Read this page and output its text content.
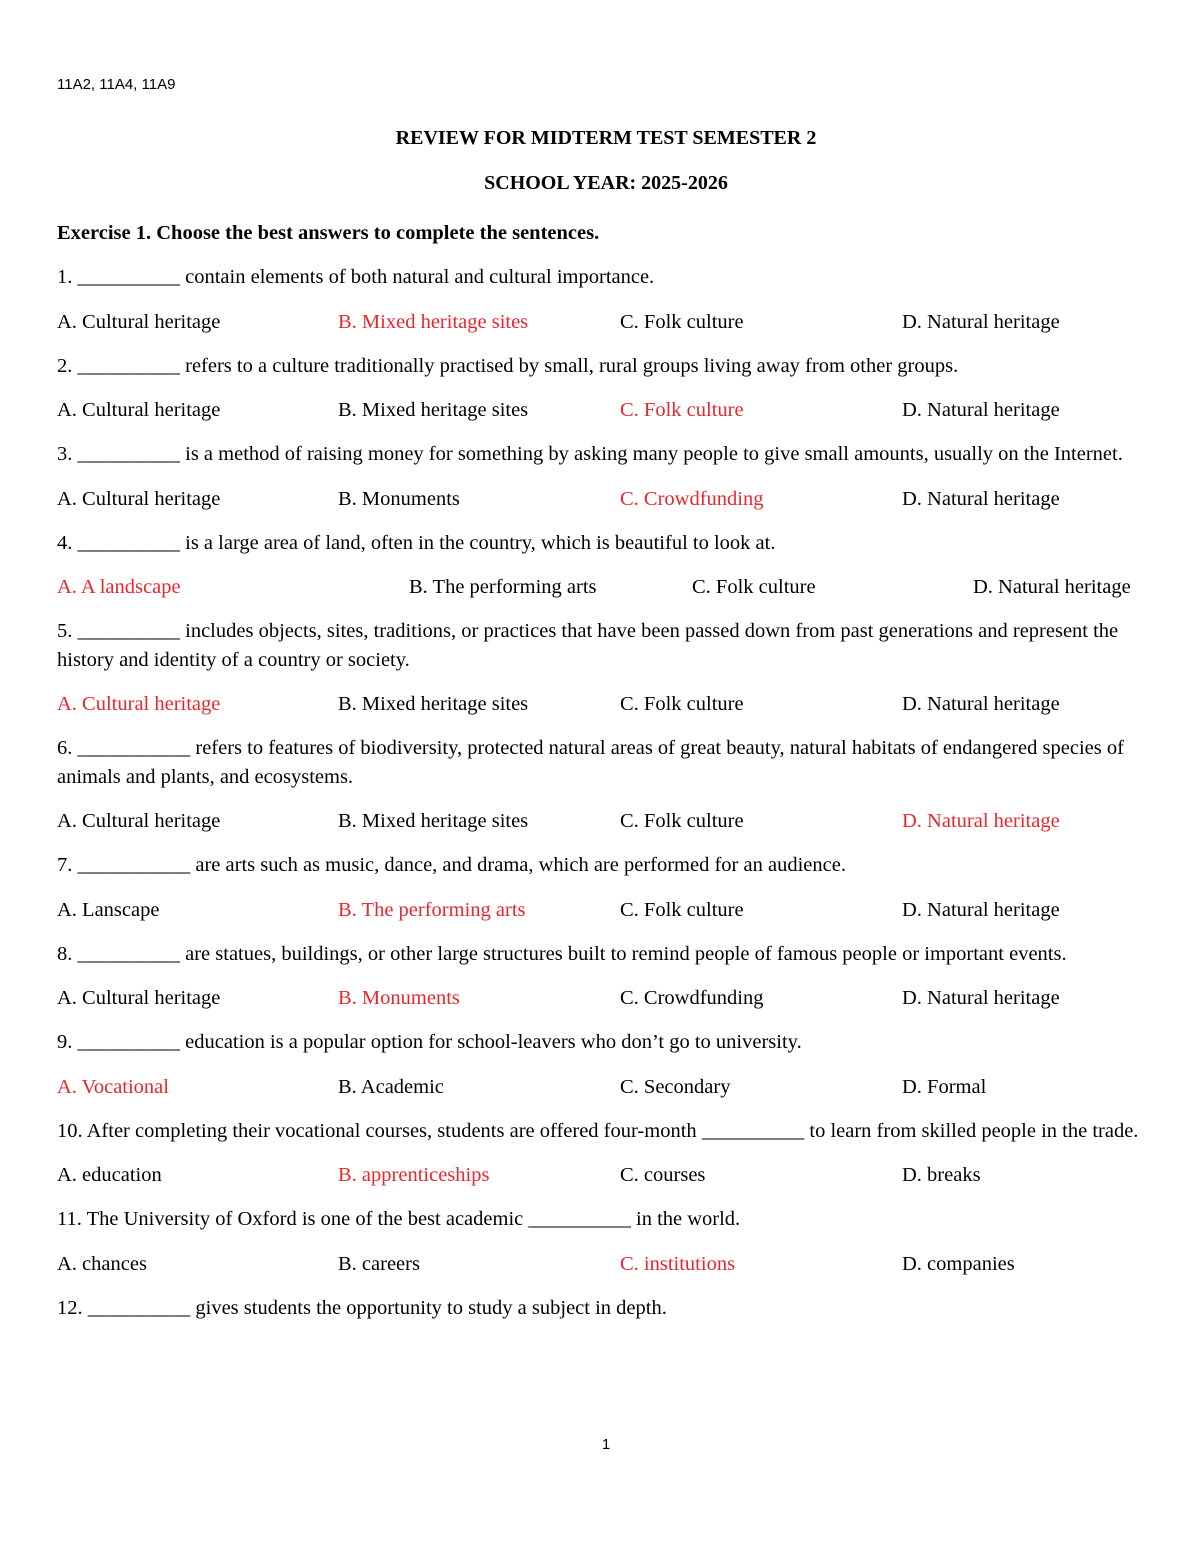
11A2, 11A4, 11A9
REVIEW FOR MIDTERM TEST SEMESTER 2
SCHOOL YEAR: 2025-2026
Exercise 1. Choose the best answers to complete the sentences.
1. __________ contain elements of both natural and cultural importance.
A. Cultural heritage	B. Mixed heritage sites	C. Folk culture	D. Natural heritage
2. __________ refers to a culture traditionally practised by small, rural groups living away from other groups.
A. Cultural heritage	B. Mixed heritage sites	C. Folk culture	D. Natural heritage
3. __________ is a method of raising money for something by asking many people to give small amounts, usually on the Internet.
A. Cultural heritage	B. Monuments	C. Crowdfunding	D. Natural heritage
4. __________ is a large area of land, often in the country, which is beautiful to look at.
A. A landscape	B. The performing arts	C. Folk culture	D. Natural heritage
5. __________ includes objects, sites, traditions, or practices that have been passed down from past generations and represent the history and identity of a country or society.
A. Cultural heritage	B. Mixed heritage sites	C. Folk culture	D. Natural heritage
6. ___________ refers to features of biodiversity, protected natural areas of great beauty, natural habitats of endangered species of animals and plants, and ecosystems.
A. Cultural heritage	B. Mixed heritage sites	C. Folk culture	D. Natural heritage
7. ___________ are arts such as music, dance, and drama, which are performed for an audience.
A. Lanscape	B. The performing arts	C. Folk culture	D. Natural heritage
8. __________ are statues, buildings, or other large structures built to remind people of famous people or important events.
A. Cultural heritage	B. Monuments	C. Crowdfunding	D. Natural heritage
9. __________ education is a popular option for school-leavers who don’t go to university.
A. Vocational	B. Academic	C. Secondary	D. Formal
10. After completing their vocational courses, students are offered four-month __________ to learn from skilled people in the trade.
A. education	B. apprenticeships	C. courses	D. breaks
11. The University of Oxford is one of the best academic __________ in the world.
A. chances	B. careers	C. institutions	D. companies
12. __________ gives students the opportunity to study a subject in depth.
1
